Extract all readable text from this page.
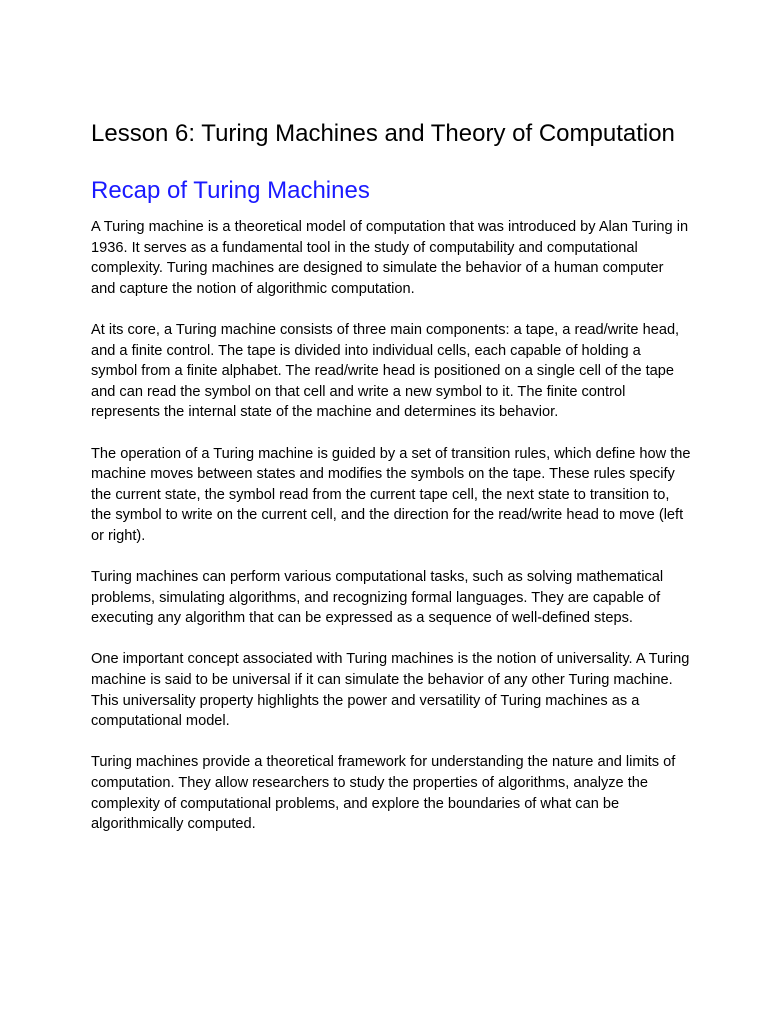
Lesson 6: Turing Machines and Theory of Computation
Recap of Turing Machines

A Turing machine is a theoretical model of computation that was introduced by Alan Turing in 1936. It serves as a fundamental tool in the study of computability and computational complexity. Turing machines are designed to simulate the behavior of a human computer and capture the notion of algorithmic computation.

At its core, a Turing machine consists of three main components: a tape, a read/write head, and a finite control. The tape is divided into individual cells, each capable of holding a symbol from a finite alphabet. The read/write head is positioned on a single cell of the tape and can read the symbol on that cell and write a new symbol to it. The finite control represents the internal state of the machine and determines its behavior.

The operation of a Turing machine is guided by a set of transition rules, which define how the machine moves between states and modifies the symbols on the tape. These rules specify the current state, the symbol read from the current tape cell, the next state to transition to, the symbol to write on the current cell, and the direction for the read/write head to move (left or right).

Turing machines can perform various computational tasks, such as solving mathematical problems, simulating algorithms, and recognizing formal languages. They are capable of executing any algorithm that can be expressed as a sequence of well-defined steps.

One important concept associated with Turing machines is the notion of universality. A Turing machine is said to be universal if it can simulate the behavior of any other Turing machine. This universality property highlights the power and versatility of Turing machines as a computational model.

Turing machines provide a theoretical framework for understanding the nature and limits of computation. They allow researchers to study the properties of algorithms, analyze the complexity of computational problems, and explore the boundaries of what can be algorithmically computed.
